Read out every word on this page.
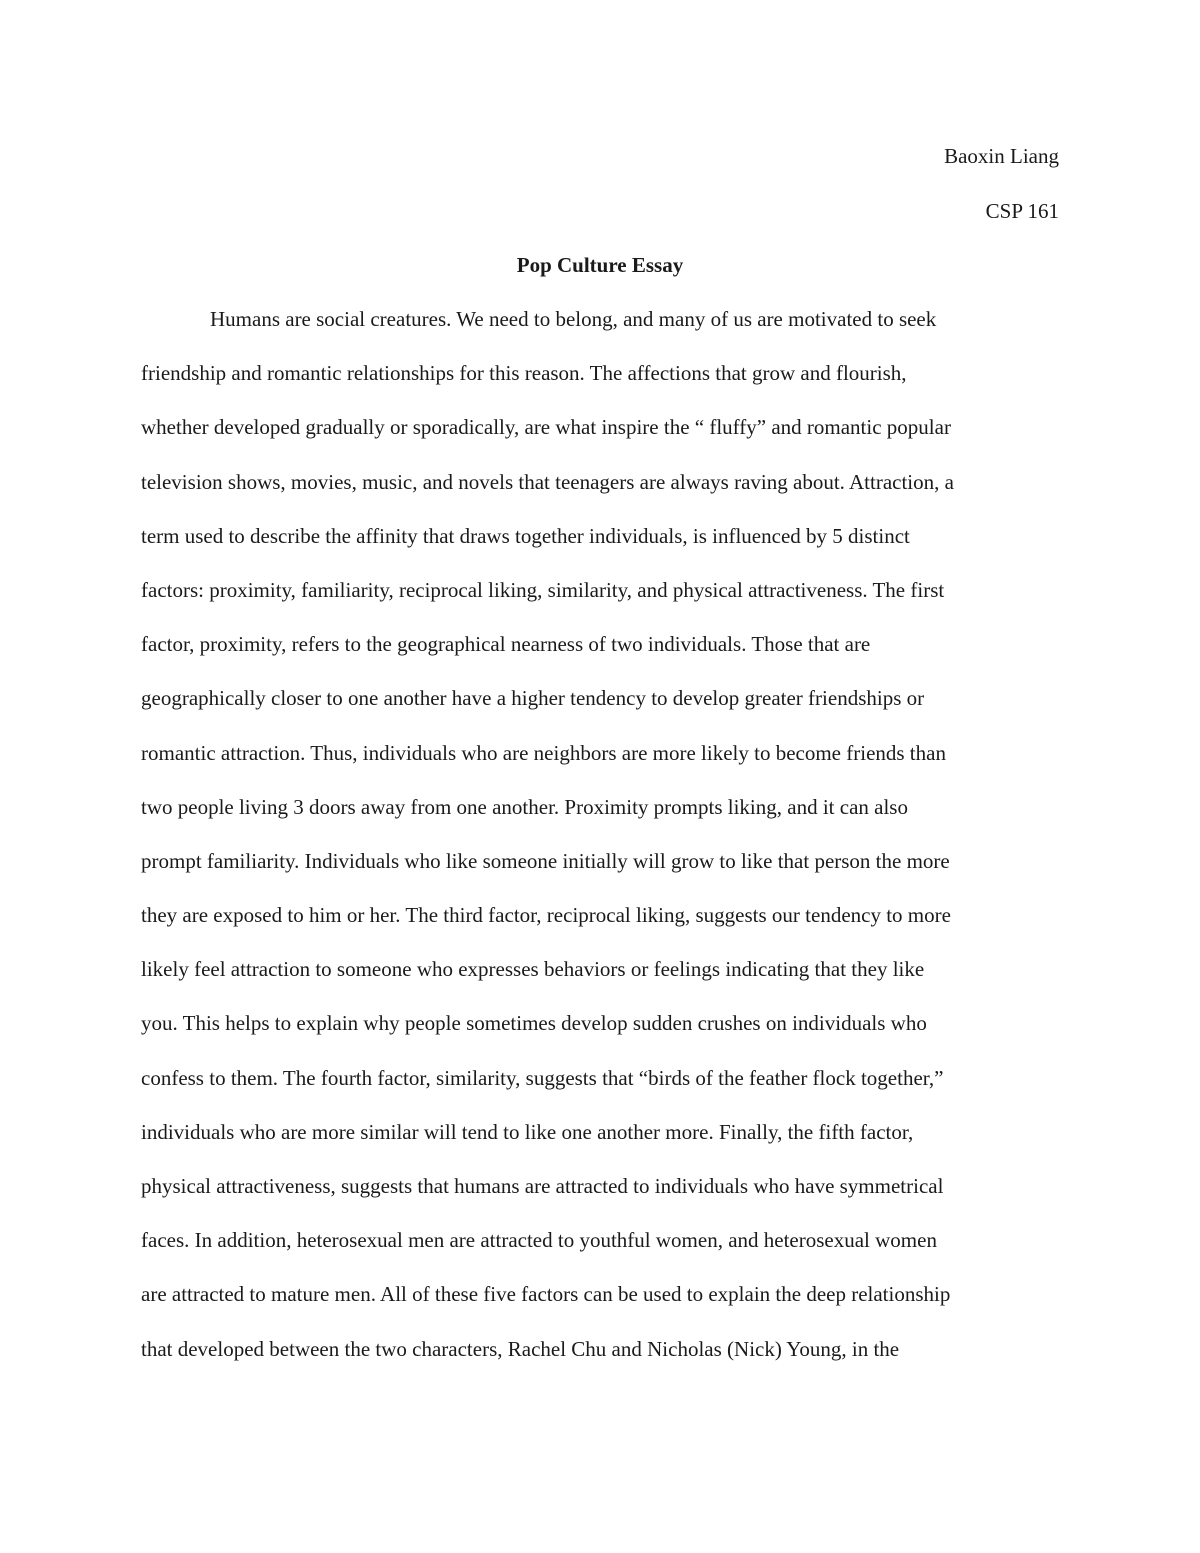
Baoxin Liang
CSP 161
Pop Culture Essay
Humans are social creatures. We need to belong, and many of us are motivated to seek
friendship and romantic relationships for this reason. The affections that grow and flourish,
whether developed gradually or sporadically, are what inspire the “ fluffy” and romantic popular
television shows, movies, music, and novels that teenagers are always raving about. Attraction, a
term used to describe the affinity that draws together individuals, is influenced by 5 distinct
factors: proximity, familiarity, reciprocal liking, similarity, and physical attractiveness. The first
factor, proximity, refers to the geographical nearness of two individuals. Those that are
geographically closer to one another have a higher tendency to develop greater friendships or
romantic attraction. Thus, individuals who are neighbors are more likely to become friends than
two people living 3 doors away from one another. Proximity prompts liking, and it can also
prompt familiarity. Individuals who like someone initially will grow to like that person the more
they are exposed to him or her. The third factor, reciprocal liking, suggests our tendency to more
likely feel attraction to someone who expresses behaviors or feelings indicating that they like
you. This helps to explain why people sometimes develop sudden crushes on individuals who
confess to them. The fourth factor, similarity, suggests that “birds of the feather flock together,”
individuals who are more similar will tend to like one another more. Finally, the fifth factor,
physical attractiveness, suggests that humans are attracted to individuals who have symmetrical
faces. In addition, heterosexual men are attracted to youthful women, and heterosexual women
are attracted to mature men. All of these five factors can be used to explain the deep relationship
that developed between the two characters, Rachel Chu and Nicholas (Nick) Young, in the
